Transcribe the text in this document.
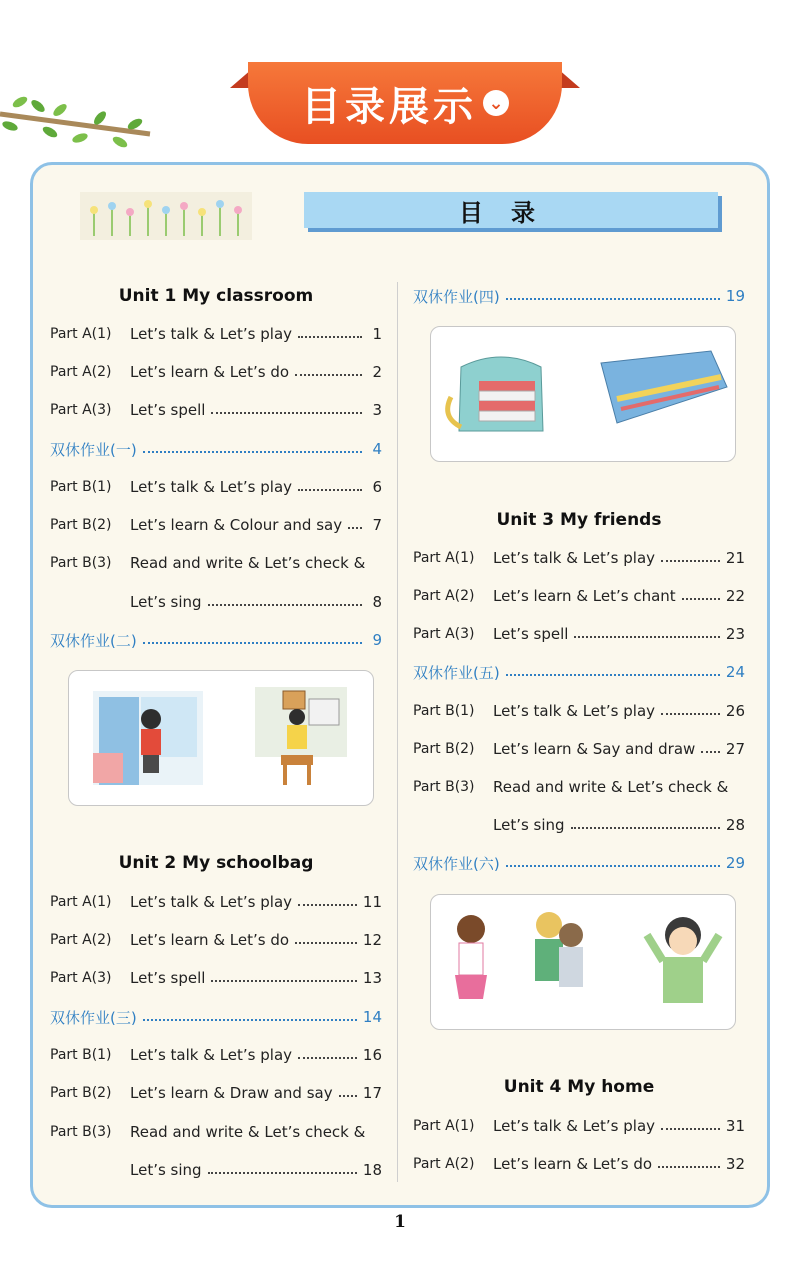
目录展示 ⌄
目录
Unit 1 My classroom
Part A(1)	Let’s talk & Let’s play	1
Part A(2)	Let’s learn & Let’s do	2
Part A(3)	Let’s spell	3
双休作业(一)	4
Part B(1)	Let’s talk & Let’s play	6
Part B(2)	Let’s learn & Colour and say 7
Part B(3)	Read and write & Let’s check &
Let’s sing	8
双休作业(二)	9
Unit 2 My schoolbag
Part A(1)	Let’s talk & Let’s play	11
Part A(2)	Let’s learn & Let’s do	12
Part A(3)	Let’s spell	13
双休作业(三)	14
Part B(1)	Let’s talk & Let’s play	16
Part B(2)	Let’s learn & Draw and say 17
Part B(3)	Read and write & Let’s check &
Let’s sing	18
双休作业(四)	19
Unit 3 My friends
Part A(1)	Let’s talk & Let’s play	21
Part A(2)	Let’s learn & Let’s chant	22
Part A(3)	Let’s spell	23
双休作业(五)	24
Part B(1)	Let’s talk & Let’s play	26
Part B(2)	Let’s learn & Say and draw 27
Part B(3)	Read and write & Let’s check &
Let’s sing	28
双休作业(六)	29
Unit 4 My home
Part A(1)	Let’s talk & Let’s play	31
Part A(2)	Let’s learn & Let’s do	32
1
